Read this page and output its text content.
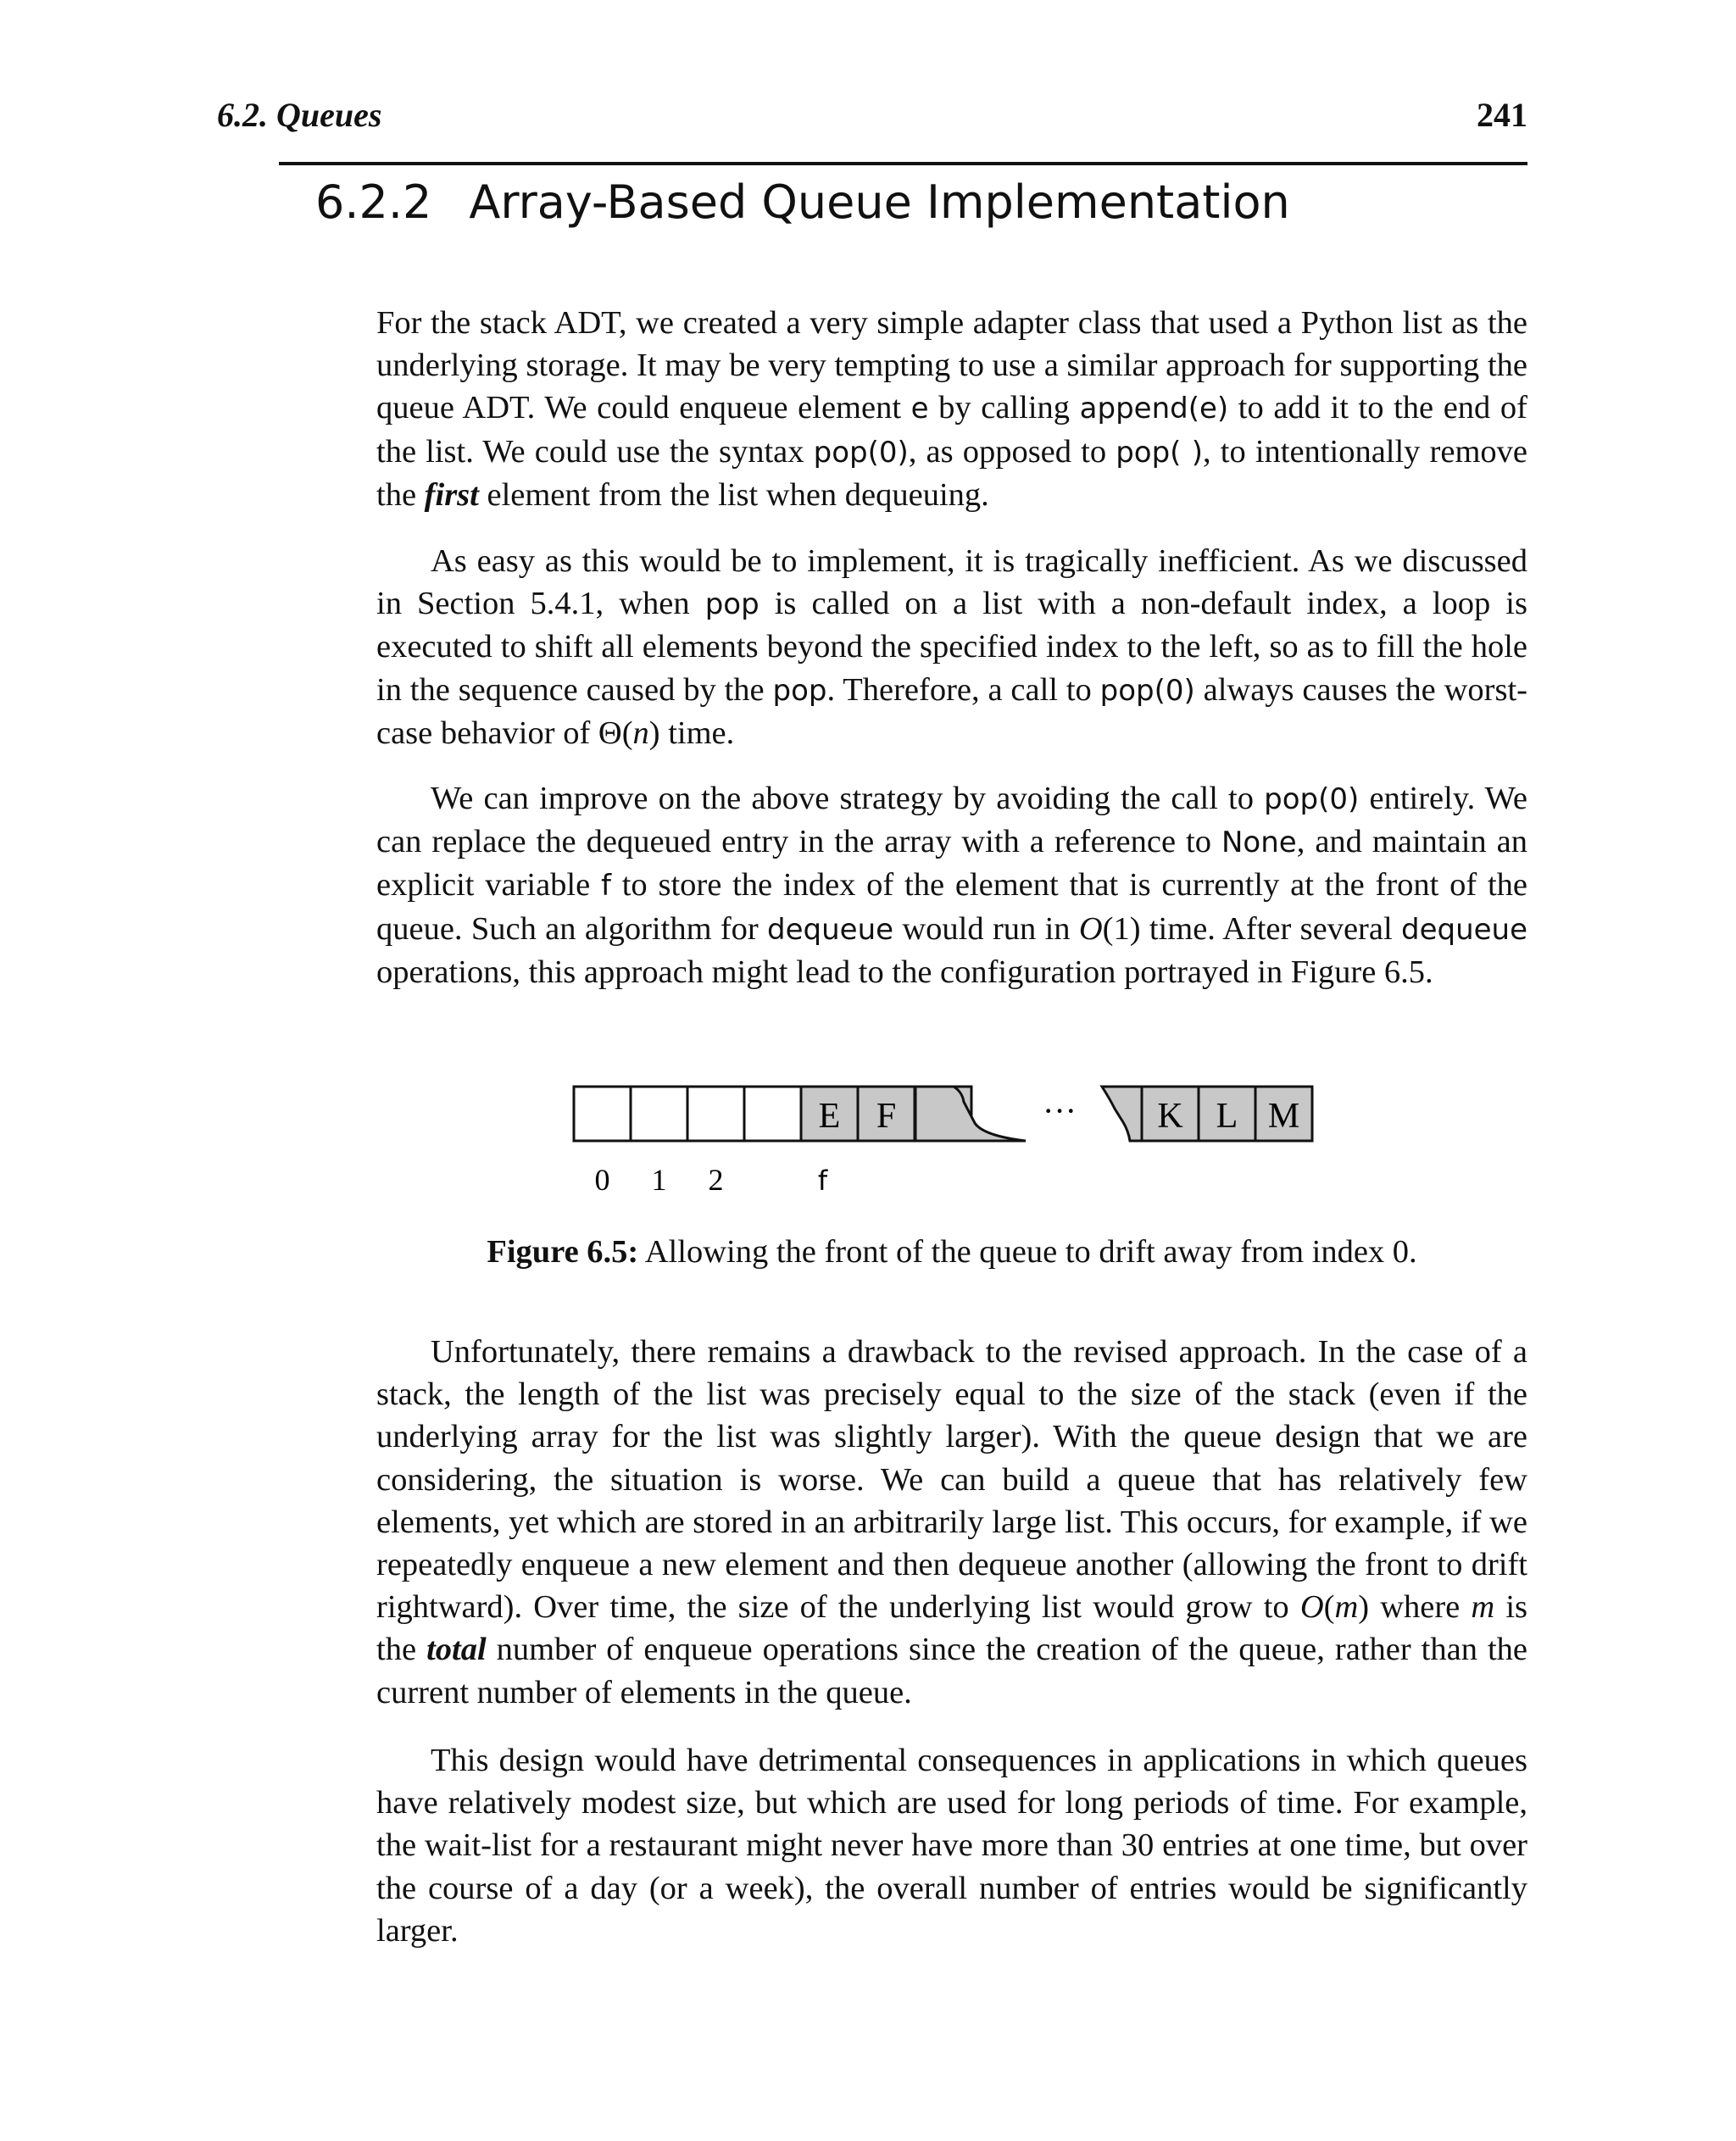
6.2. Queues	241
6.2.2 Array-Based Queue Implementation

For the stack ADT, we created a very simple adapter class that used a Python list as the underlying storage. It may be very tempting to use a similar approach for supporting the queue ADT. We could enqueue element e by calling append(e) to add it to the end of the list. We could use the syntax pop(0), as opposed to pop( ), to intentionally remove the first element from the list when dequeuing.

As easy as this would be to implement, it is tragically inefficient. As we discussed in Section 5.4.1, when pop is called on a list with a non-default index, a loop is executed to shift all elements beyond the specified index to the left, so as to fill the hole in the sequence caused by the pop. Therefore, a call to pop(0) always causes the worst-case behavior of Θ(n) time.

We can improve on the above strategy by avoiding the call to pop(0) entirely. We can replace the dequeued entry in the array with a reference to None, and maintain an explicit variable f to store the index of the element that is currently at the front of the queue. Such an algorithm for dequeue would run in O(1) time. After several dequeue operations, this approach might lead to the configuration portrayed in Figure 6.5.

E F	··· K L M
0 1 2	f
Figure 6.5: Allowing the front of the queue to drift away from index 0.

Unfortunately, there remains a drawback to the revised approach. In the case of a stack, the length of the list was precisely equal to the size of the stack (even if the underlying array for the list was slightly larger). With the queue design that we are considering, the situation is worse. We can build a queue that has relatively few elements, yet which are stored in an arbitrarily large list. This occurs, for example, if we repeatedly enqueue a new element and then dequeue another (allowing the front to drift rightward). Over time, the size of the underlying list would grow to O(m) where m is the total number of enqueue operations since the creation of the queue, rather than the current number of elements in the queue.

This design would have detrimental consequences in applications in which queues have relatively modest size, but which are used for long periods of time. For example, the wait-list for a restaurant might never have more than 30 entries at one time, but over the course of a day (or a week), the overall number of entries would be significantly larger.
